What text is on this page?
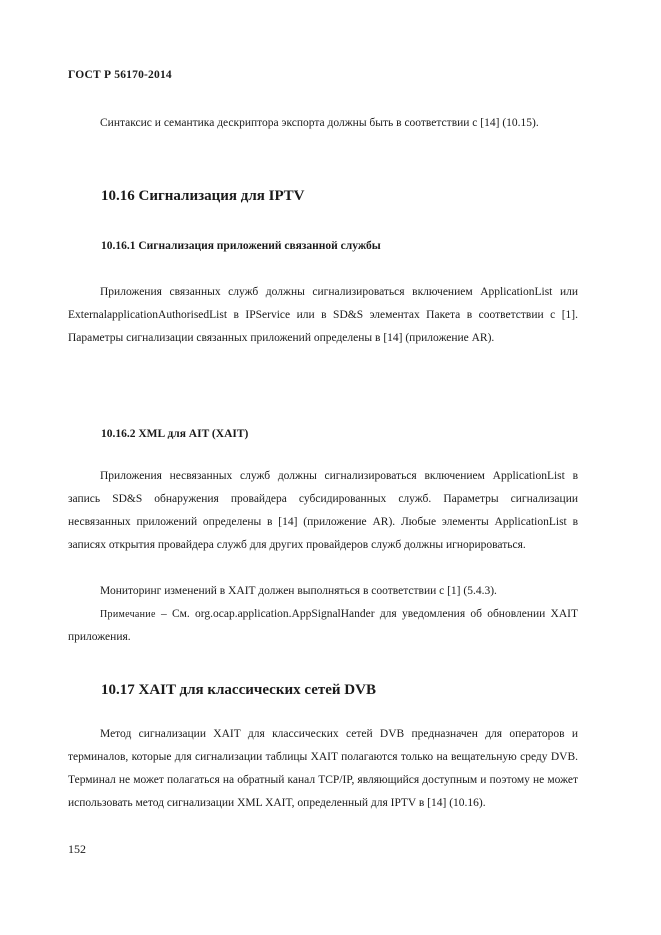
ГОСТ Р 56170-2014
Синтаксис и семантика дескриптора экспорта должны быть в соответствии с [14] (10.15).
10.16 Сигнализация для IPTV
10.16.1 Сигнализация приложений связанной службы
Приложения связанных служб должны сигнализироваться включением ApplicationList или ExternalapplicationAuthorisedList в IPService или в SD&S элементах Пакета в соответствии с [1]. Параметры сигнализации связанных приложений определены в [14] (приложение AR).
10.16.2 XML для AIT (XAIT)
Приложения несвязанных служб должны сигнализироваться включением ApplicationList в запись SD&S обнаружения провайдера субсидированных служб. Параметры сигнализации несвязанных приложений определены в [14] (приложение AR). Любые элементы ApplicationList в записях открытия провайдера служб для других провайдеров служб должны игнорироваться.
Мониторинг изменений в XAIT должен выполняться в соответствии с [1] (5.4.3).
Примечание – См. org.ocap.application.AppSignalHander для уведомления об обновлении XAIT приложения.
10.17 XAIT для классических сетей DVB
Метод сигнализации XAIT для классических сетей DVB предназначен для операторов и терминалов, которые для сигнализации таблицы XAIT полагаются только на вещательную среду DVB. Терминал не может полагаться на обратный канал TCP/IP, являющийся доступным и поэтому не может использовать метод сигнализации XML XAIT, определенный для IPTV в [14] (10.16).
152
